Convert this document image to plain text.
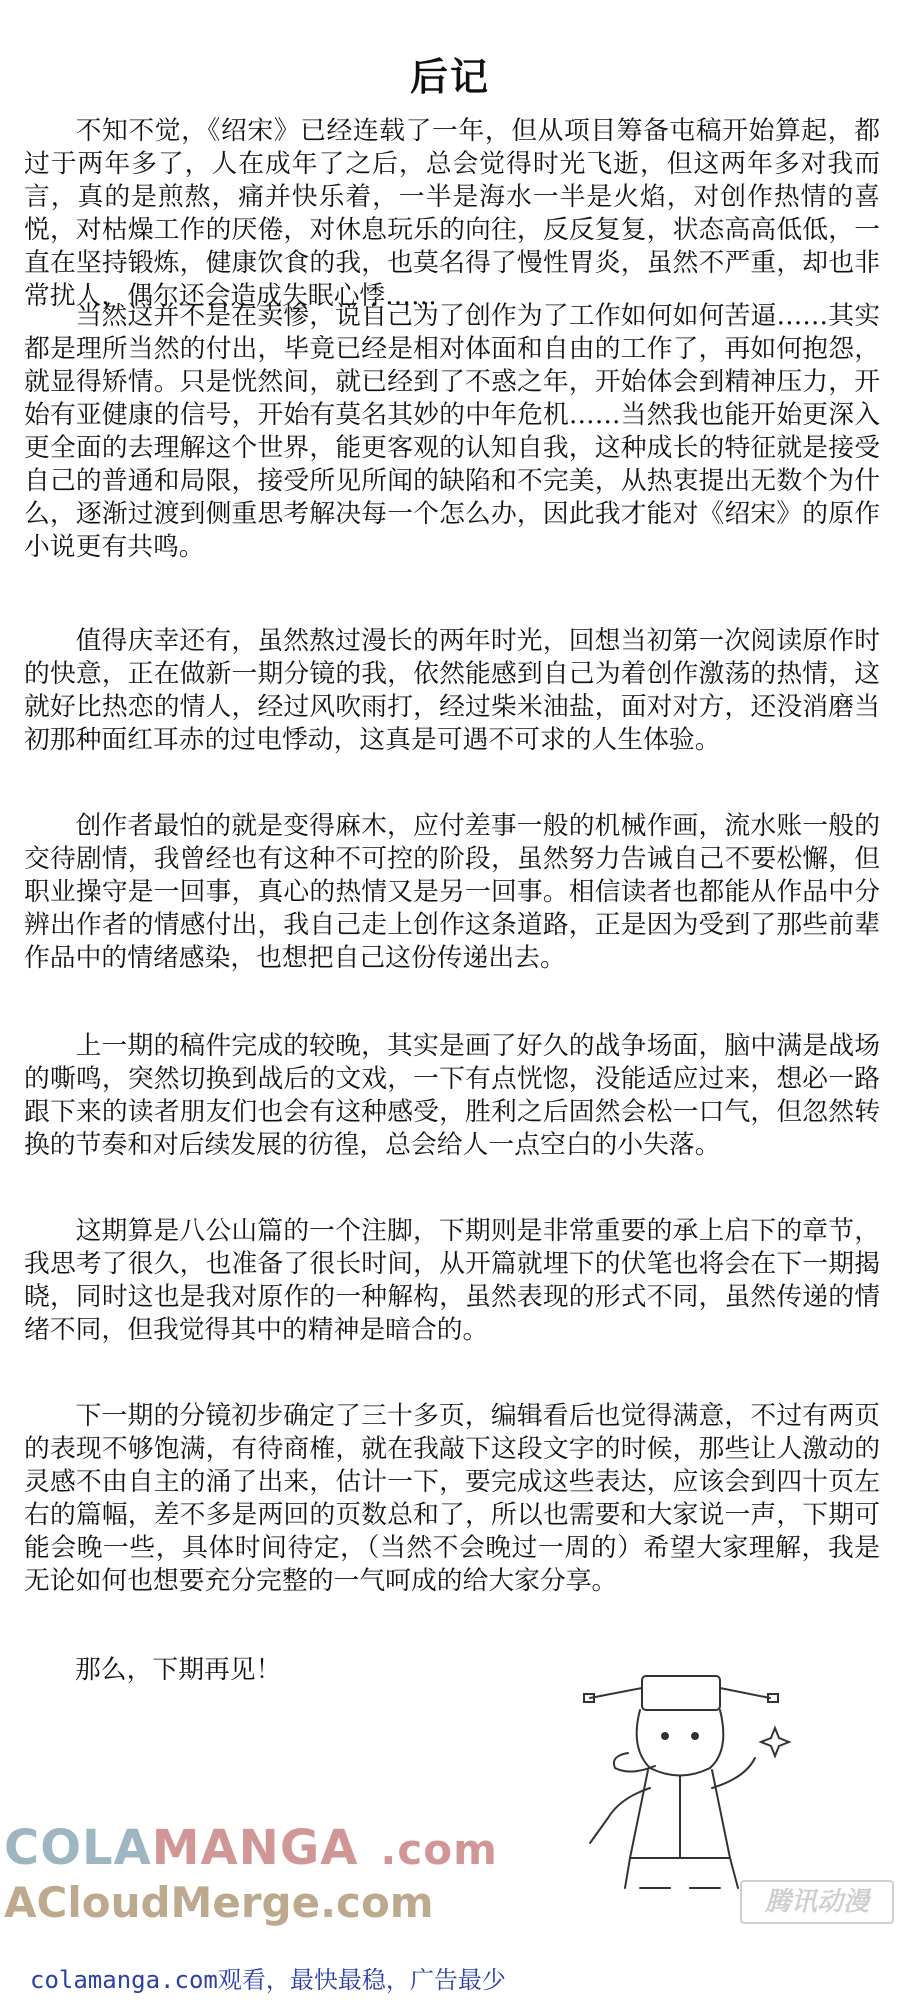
后记

不知不觉，《绍宋》已经连载了一年，但从项目筹备屯稿开始算起，都过于两年多了，人在成年了之后，总会觉得时光飞逝，但这两年多对我而言，真的是煎熬，痛并快乐着，一半是海水一半是火焰，对创作热情的喜悦，对枯燥工作的厌倦，对休息玩乐的向往，反反复复，状态高高低低，一直在坚持锻炼，健康饮食的我，也莫名得了慢性胃炎，虽然不严重，却也非常扰人，偶尔还会造成失眠心悸……

当然这并不是在卖惨，说自己为了创作为了工作如何如何苦逼……其实都是理所当然的付出，毕竟已经是相对体面和自由的工作了，再如何抱怨，就显得矫情。只是恍然间，就已经到了不惑之年，开始体会到精神压力，开始有亚健康的信号，开始有莫名其妙的中年危机……当然我也能开始更深入更全面的去理解这个世界，能更客观的认知自我，这种成长的特征就是接受自己的普通和局限，接受所见所闻的缺陷和不完美，从热衷提出无数个为什么，逐渐过渡到侧重思考解决每一个怎么办，因此我才能对《绍宋》的原作小说更有共鸣。

值得庆幸还有，虽然熬过漫长的两年时光，回想当初第一次阅读原作时的快意，正在做新一期分镜的我，依然能感到自己为着创作激荡的热情，这就好比热恋的情人，经过风吹雨打，经过柴米油盐，面对对方，还没消磨当初那种面红耳赤的过电悸动，这真是可遇不可求的人生体验。

创作者最怕的就是变得麻木，应付差事一般的机械作画，流水账一般的交待剧情，我曾经也有这种不可控的阶段，虽然努力告诫自己不要松懈，但职业操守是一回事，真心的热情又是另一回事。相信读者也都能从作品中分辨出作者的情感付出，我自己走上创作这条道路，正是因为受到了那些前辈作品中的情绪感染，也想把自己这份传递出去。

上一期的稿件完成的较晚，其实是画了好久的战争场面，脑中满是战场的嘶鸣，突然切换到战后的文戏，一下有点恍惚，没能适应过来，想必一路跟下来的读者朋友们也会有这种感受，胜利之后固然会松一口气，但忽然转换的节奏和对后续发展的彷徨，总会给人一点空白的小失落。

这期算是八公山篇的一个注脚，下期则是非常重要的承上启下的章节，我思考了很久，也准备了很长时间，从开篇就埋下的伏笔也将会在下一期揭晓，同时这也是我对原作的一种解构，虽然表现的形式不同，虽然传递的情绪不同，但我觉得其中的精神是暗合的。

下一期的分镜初步确定了三十多页，编辑看后也觉得满意，不过有两页的表现不够饱满，有待商榷，就在我敲下这段文字的时候，那些让人激动的灵感不由自主的涌了出来，估计一下，要完成这些表达，应该会到四十页左右的篇幅，差不多是两回的页数总和了，所以也需要和大家说一声，下期可能会晚一些，具体时间待定，（当然不会晚过一周的）希望大家理解，我是无论如何也想要充分完整的一气呵成的给大家分享。

那么，下期再见！
COLAMANGA .com
ACloudMerge.com	腾讯动漫
colamanga.com观看，最快最稳，广告最少
